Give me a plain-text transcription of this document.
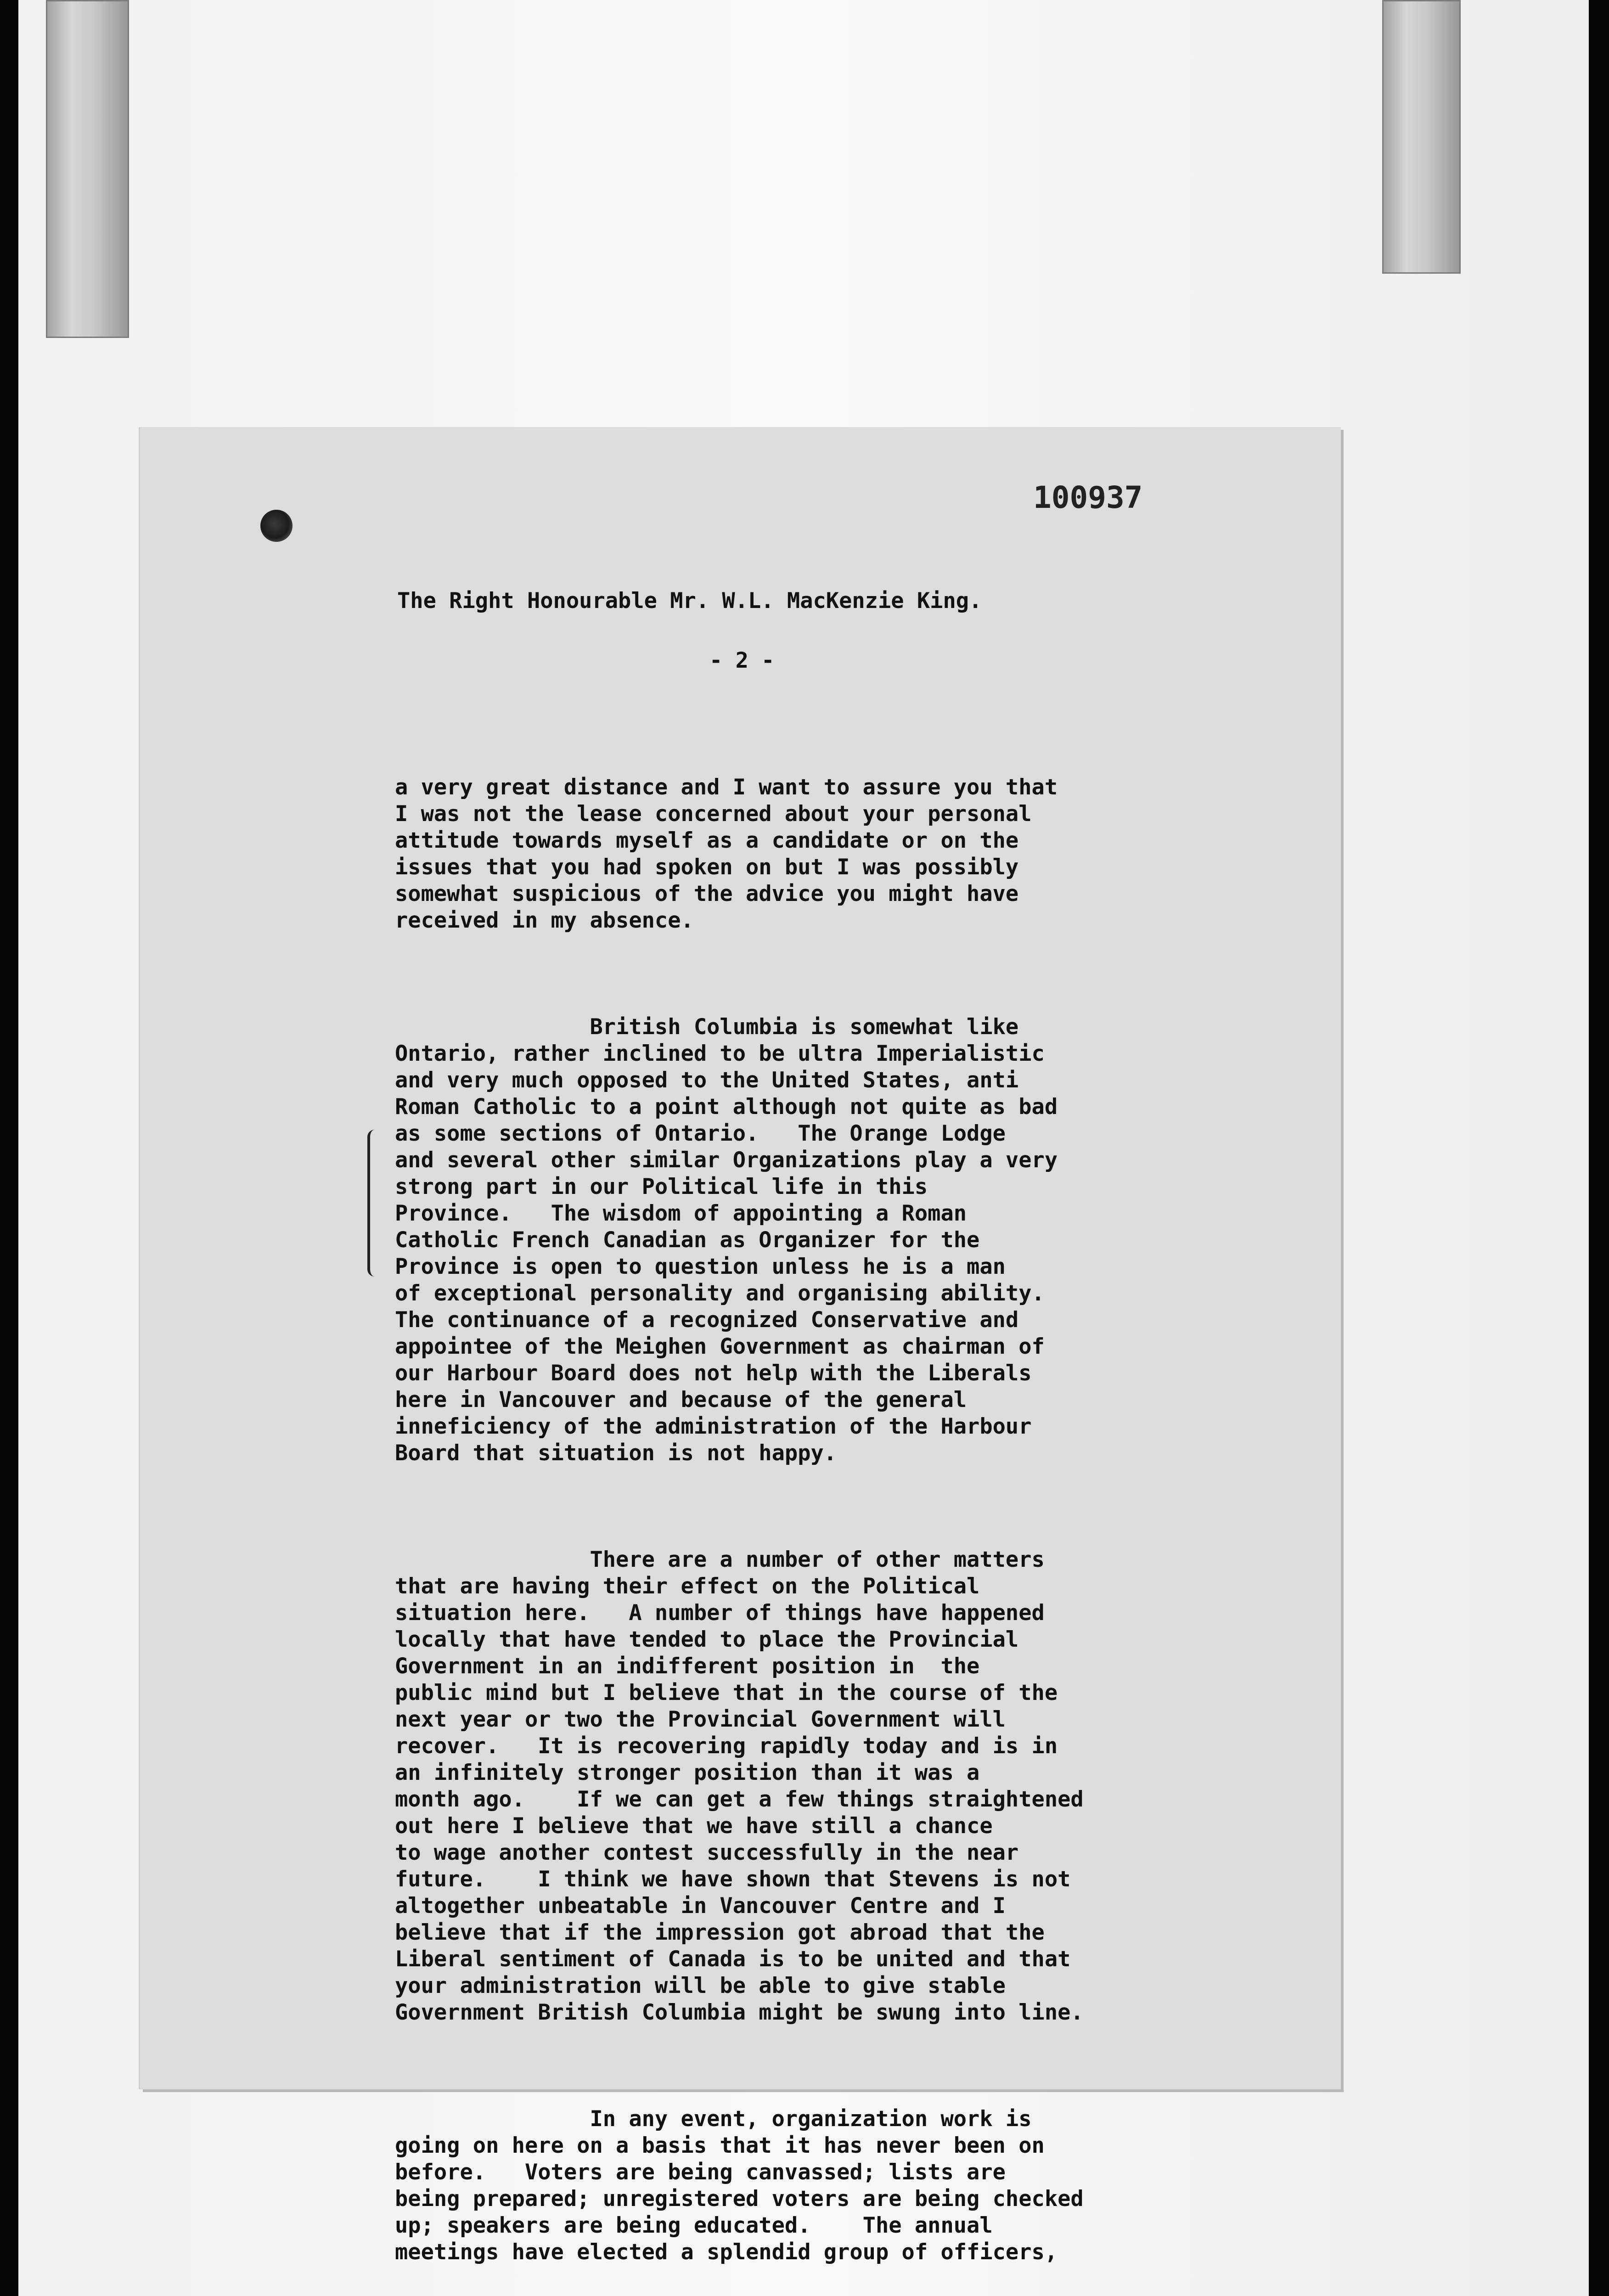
100937
The Right Honourable Mr. W.L. MacKenzie King.
- 2 -

a very great distance and I want to assure you that
I was not the lease concerned about your personal
attitude towards myself as a candidate or on the
issues that you had spoken on but I was possibly
somewhat suspicious of the advice you might have
received in my absence.

British Columbia is somewhat like
Ontario, rather inclined to be ultra Imperialistic
and very much opposed to the United States, anti
Roman Catholic to a point although not quite as bad
as some sections of Ontario.   The Orange Lodge
and several other similar Organizations play a very
strong part in our Political life in this
Province.   The wisdom of appointing a Roman
Catholic French Canadian as Organizer for the
Province is open to question unless he is a man
of exceptional personality and organising ability.
The continuance of a recognized Conservative and
appointee of the Meighen Government as chairman of
our Harbour Board does not help with the Liberals
here in Vancouver and because of the general
inneficiency of the administration of the Harbour
Board that situation is not happy.

There are a number of other matters
that are having their effect on the Political
situation here.   A number of things have happened
locally that have tended to place the Provincial
Government in an indifferent position in  the
public mind but I believe that in the course of the
next year or two the Provincial Government will
recover.   It is recovering rapidly today and is in
an infinitely stronger position than it was a
month ago.    If we can get a few things straightened
out here I believe that we have still a chance
to wage another contest successfully in the near
future.    I think we have shown that Stevens is not
altogether unbeatable in Vancouver Centre and I
believe that if the impression got abroad that the
Liberal sentiment of Canada is to be united and that
your administration will be able to give stable
Government British Columbia might be swung into line.

In any event, organization work is
going on here on a basis that it has never been on
before.   Voters are being canvassed; lists are
being prepared; unregistered voters are being checked
up; speakers are being educated.    The annual
meetings have elected a splendid group of officers,
